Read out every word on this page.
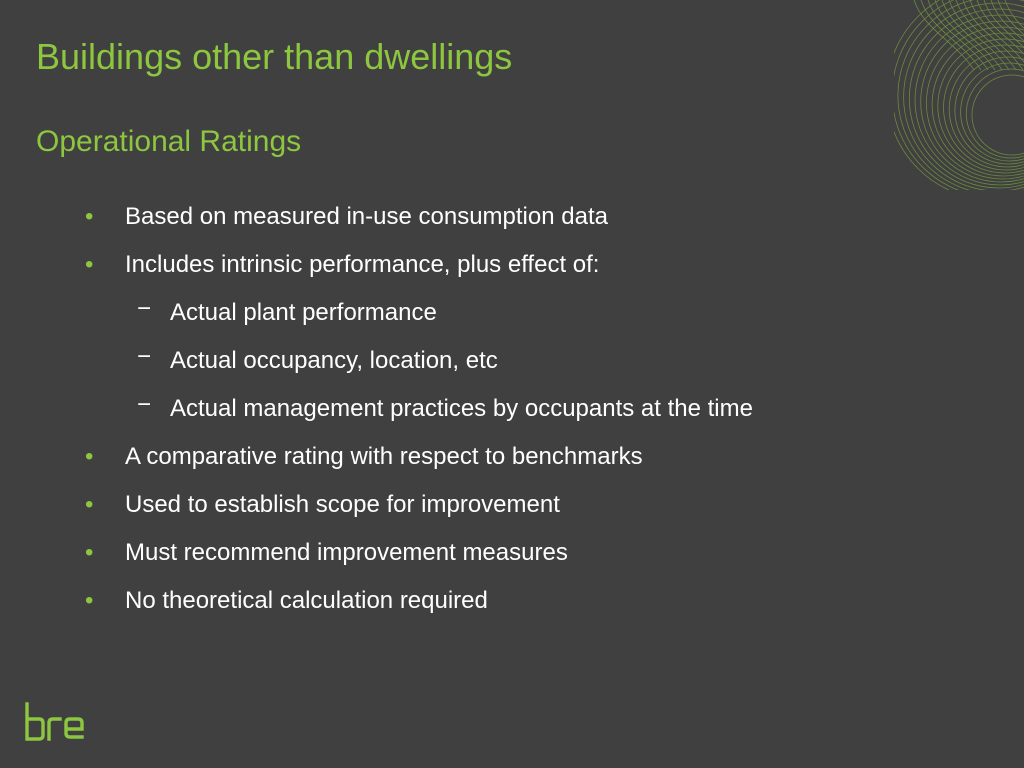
Buildings other than dwellings
Operational Ratings
• Based on measured in-use consumption data
• Includes intrinsic performance, plus effect of:
− Actual plant performance
− Actual occupancy, location, etc
− Actual management practices by occupants at the time
• A comparative rating with respect to benchmarks
• Used to establish scope for improvement
• Must recommend improvement measures
• No theoretical calculation required
